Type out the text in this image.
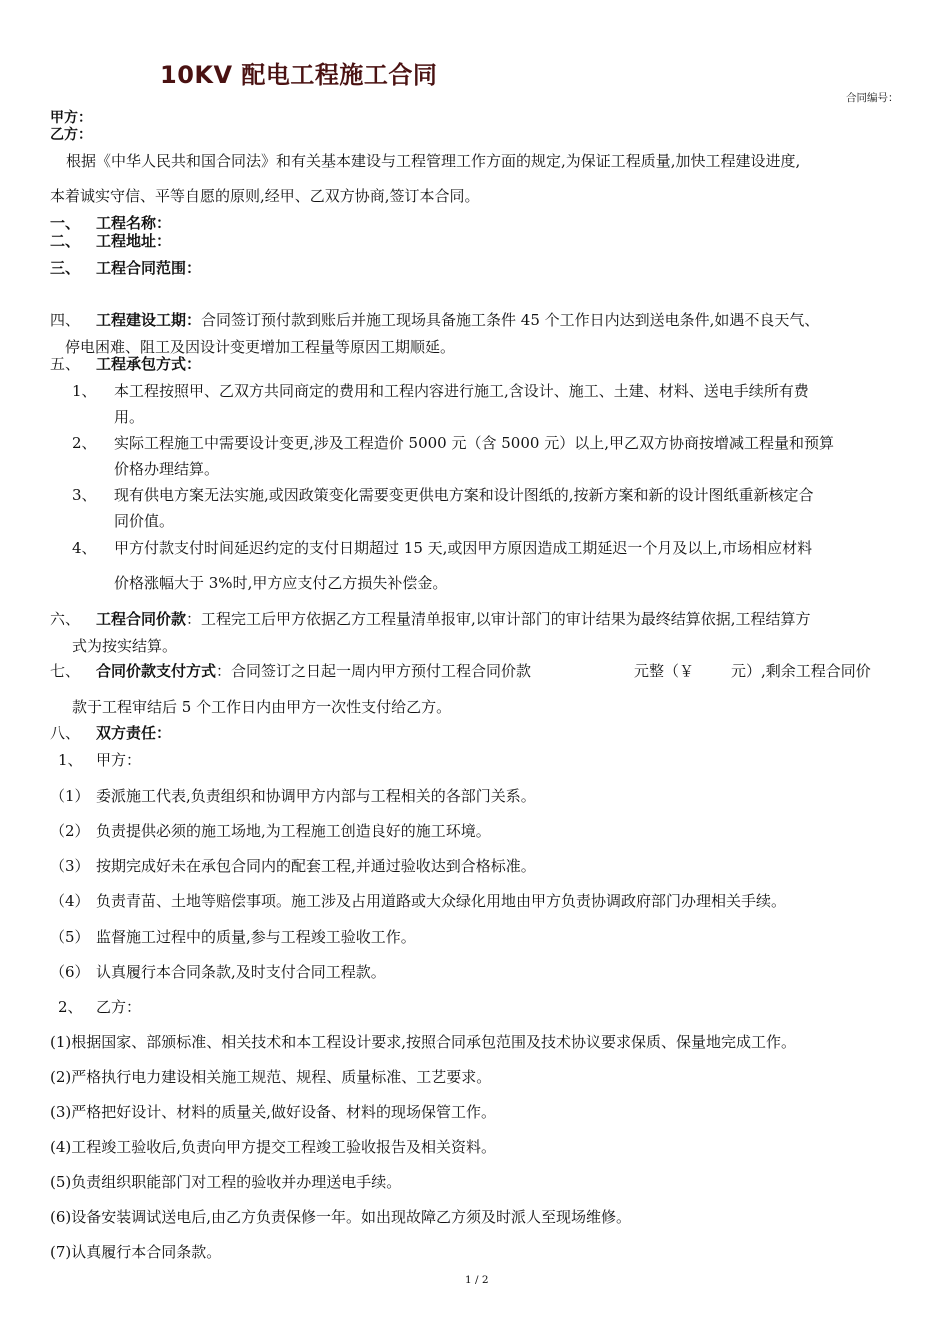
10KV 配电工程施工合同
合同编号：
甲方：
乙方：
根据《中华人民共和国合同法》和有关基本建设与工程管理工作方面的规定,为保证工程质量,加快工程建设进度,
本着诚实守信、平等自愿的原则,经甲、乙双方协商,签订本合同。
一、 工程名称：
二、 工程地址：
三、 工程合同范围：
四、 工程建设工期：合同签订预付款到账后并施工现场具备施工条件 45 个工作日内达到送电条件,如遇不良天气、
停电困难、阻工及因设计变更增加工程量等原因工期顺延。
五、 工程承包方式：
1、 本工程按照甲、乙双方共同商定的费用和工程内容进行施工,含设计、施工、土建、材料、送电手续所有费
用。
2、 实际工程施工中需要设计变更,涉及工程造价 5000 元（含 5000 元）以上,甲乙双方协商按增减工程量和预算
价格办理结算。
3、 现有供电方案无法实施,或因政策变化需要变更供电方案和设计图纸的,按新方案和新的设计图纸重新核定合
同价值。
4、 甲方付款支付时间延迟约定的支付日期超过 15 天,或因甲方原因造成工期延迟一个月及以上,市场相应材料
价格涨幅大于 3%时,甲方应支付乙方损失补偿金。
六、 工程合同价款：工程完工后甲方依据乙方工程量清单报审,以审计部门的审计结果为最终结算依据,工程结算方
式为按实结算。
七、 合同价款支付方式：合同签订之日起一周内甲方预付工程合同价款	元整（￥ 元）,剩余工程合同价
款于工程审结后 5 个工作日内由甲方一次性支付给乙方。
八、 双方责任：
1、 甲方：
（1） 委派施工代表,负责组织和协调甲方内部与工程相关的各部门关系。
（2） 负责提供必须的施工场地,为工程施工创造良好的施工环境。
（3） 按期完成好未在承包合同内的配套工程,并通过验收达到合格标准。
（4） 负责青苗、土地等赔偿事项。施工涉及占用道路或大众绿化用地由甲方负责协调政府部门办理相关手续。
（5） 监督施工过程中的质量,参与工程竣工验收工作。
（6） 认真履行本合同条款,及时支付合同工程款。
2、 乙方：
(1)根据国家、部颁标准、相关技术和本工程设计要求,按照合同承包范围及技术协议要求保质、保量地完成工作。
(2)严格执行电力建设相关施工规范、规程、质量标准、工艺要求。
(3)严格把好设计、材料的质量关,做好设备、材料的现场保管工作。
(4)工程竣工验收后,负责向甲方提交工程竣工验收报告及相关资料。
(5)负责组织职能部门对工程的验收并办理送电手续。
(6)设备安装调试送电后,由乙方负责保修一年。如出现故障乙方须及时派人至现场维修。
(7)认真履行本合同条款。
1 / 2
